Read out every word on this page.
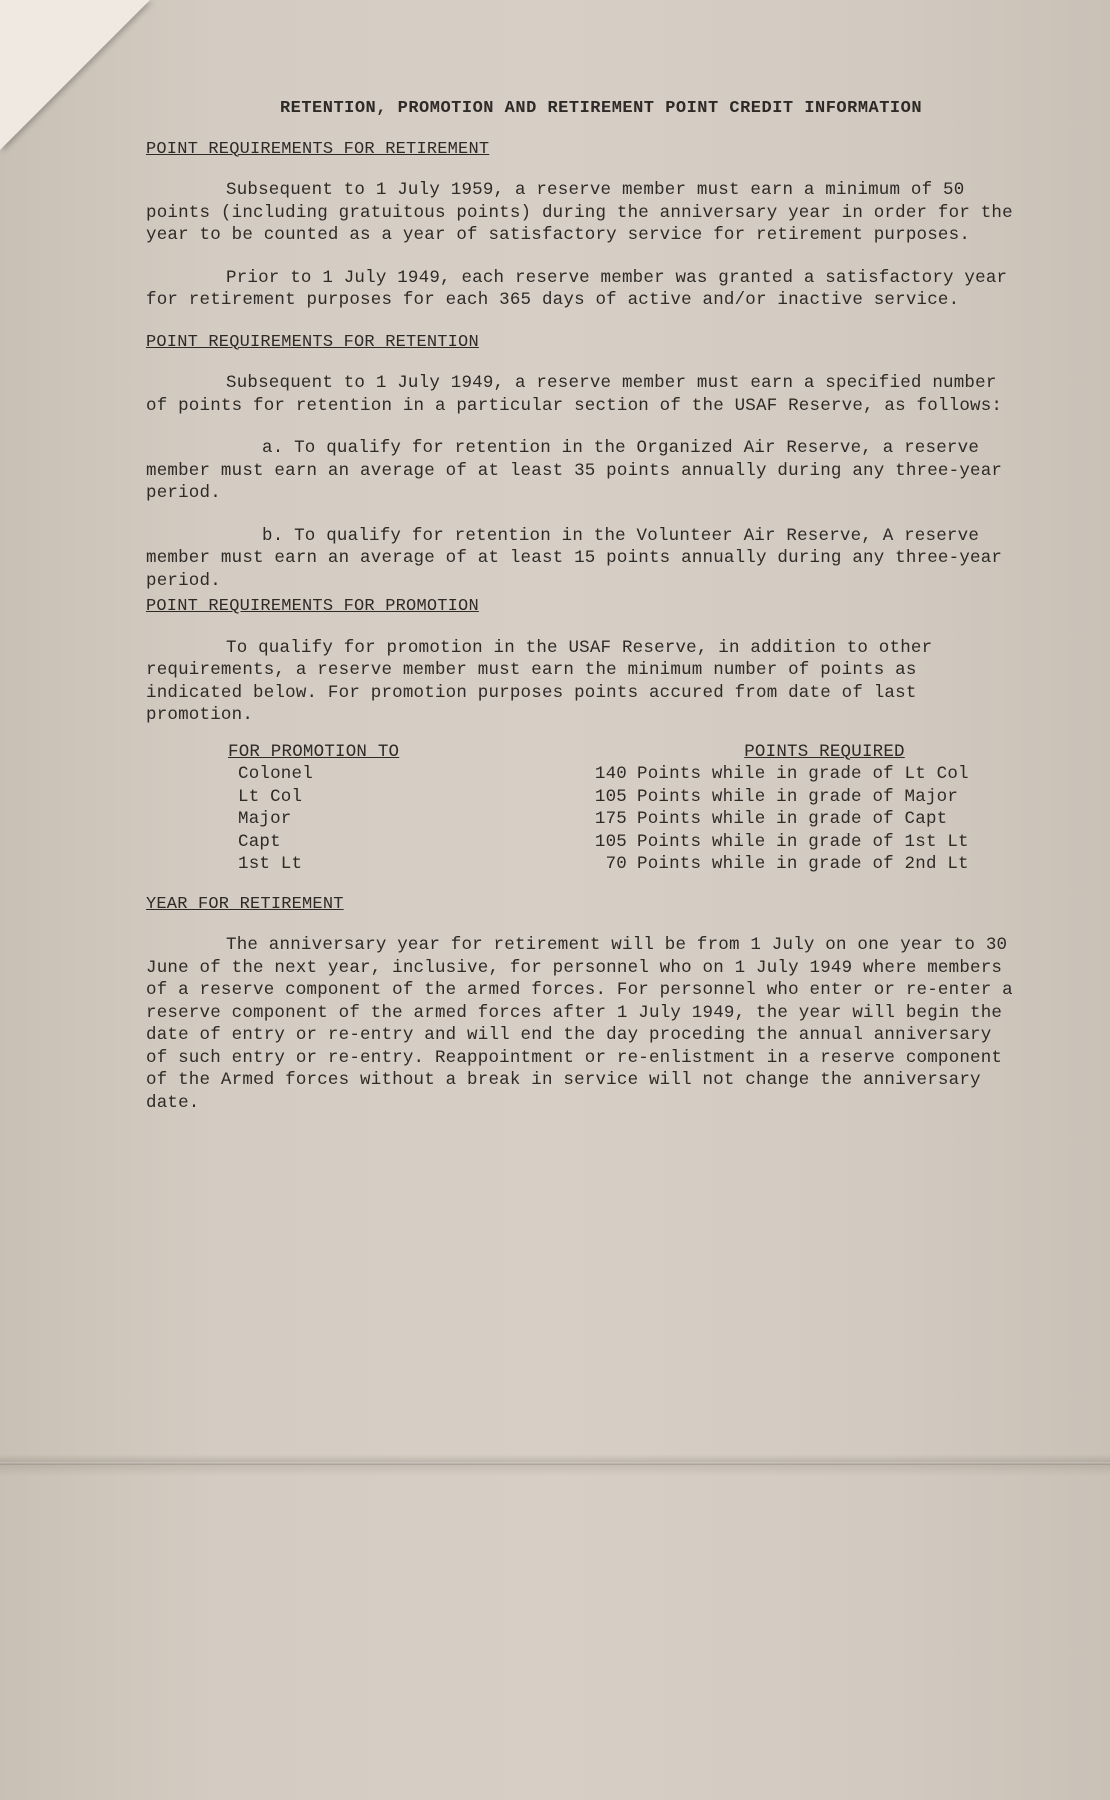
RETENTION, PROMOTION AND RETIREMENT POINT CREDIT INFORMATION
POINT REQUIREMENTS FOR RETIREMENT

Subsequent to 1 July 1959, a reserve member must earn a minimum of 50 points (including gratuitous points) during the anniversary year in order for the year to be counted as a year of satisfactory service for retirement purposes.

Prior to 1 July 1949, each reserve member was granted a satisfactory year for retirement purposes for each 365 days of active and/or inactive service.

POINT REQUIREMENTS FOR RETENTION

Subsequent to 1 July 1949, a reserve member must earn a specified number of points for retention in a particular section of the USAF Reserve, as follows:

a. To qualify for retention in the Organized Air Reserve, a reserve member must earn an average of at least 35 points annually during any three-year period.

b. To qualify for retention in the Volunteer Air Reserve, A reserve member must earn an average of at least 15 points annually during any three-year period.

POINT REQUIREMENTS FOR PROMOTION

To qualify for promotion in the USAF Reserve, in addition to other requirements, a reserve member must earn the minimum number of points as indicated below. For promotion purposes points accured from date of last promotion.

FOR PROMOTION TO	POINTS REQUIRED	
Colonel	140	Points while in grade of Lt Col
Lt Col	105	Points while in grade of Major
Major	175	Points while in grade of Capt
Capt	105	Points while in grade of 1st Lt
1st Lt	70	Points while in grade of 2nd Lt
YEAR FOR RETIREMENT

The anniversary year for retirement will be from 1 July on one year to 30 June of the next year, inclusive, for personnel who on 1 July 1949 where members of a reserve component of the armed forces. For personnel who enter or re-enter a reserve component of the armed forces after 1 July 1949, the year will begin the date of entry or re-entry and will end the day proceding the annual anniversary of such entry or re-entry. Reappointment or re-enlistment in a reserve component of the Armed forces without a break in service will not change the anniversary date.
